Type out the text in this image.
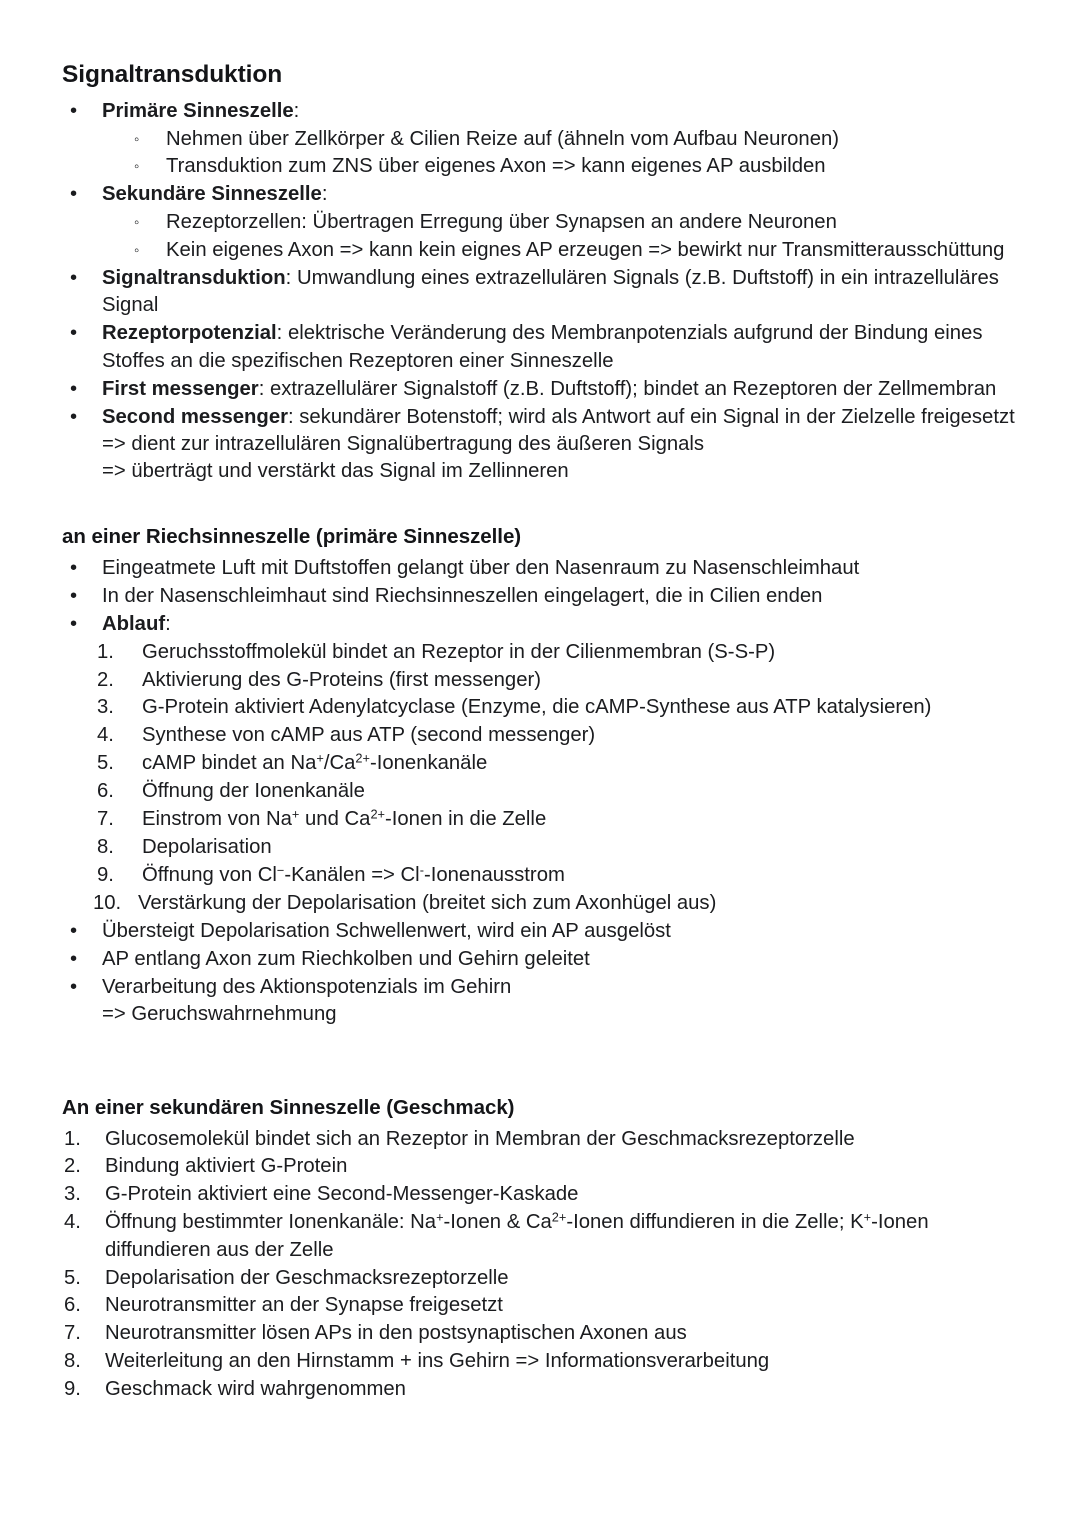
Signaltransduktion
•	Primäre Sinneszelle:
◦	Nehmen über Zellkörper & Cilien Reize auf (ähneln vom Aufbau Neuronen)
◦	Transduktion zum ZNS über eigenes Axon => kann eigenes AP ausbilden
•	Sekundäre Sinneszelle:
◦	Rezeptorzellen: Übertragen Erregung über Synapsen an andere Neuronen
◦	Kein eigenes Axon => kann kein eignes AP erzeugen => bewirkt nur Transmitterausschüttung
•	Signaltransduktion: Umwandlung eines extrazellulären Signals (z.B. Duftstoff) in ein intrazelluläres Signal
•	Rezeptorpotenzial: elektrische Veränderung des Membranpotenzials aufgrund der Bindung eines Stoffes an die spezifischen Rezeptoren einer Sinneszelle
•	First messenger: extrazellulärer Signalstoff (z.B. Duftstoff); bindet an Rezeptoren der Zellmembran
•	Second messenger: sekundärer Botenstoff; wird als Antwort auf ein Signal in der Zielzelle freigesetzt
=> dient zur intrazellulären Signalübertragung des äußeren Signals
=> überträgt und verstärkt das Signal im Zellinneren
an einer Riechsinneszelle (primäre Sinneszelle)
•	Eingeatmete Luft mit Duftstoffen gelangt über den Nasenraum zu Nasenschleimhaut
•	In der Nasenschleimhaut sind Riechsinneszellen eingelagert, die in Cilien enden
•	Ablauf:
1.	Geruchsstoffmolekül bindet an Rezeptor in der Cilienmembran (S-S-P)
2.	Aktivierung des G-Proteins (first messenger)
3.	G-Protein aktiviert Adenylatcyclase (Enzyme, die cAMP-Synthese aus ATP katalysieren)
4.	Synthese von cAMP aus ATP (second messenger)
5.	cAMP bindet an $Na^+/Ca^{2+}$-Ionenkanäle
6.	Öffnung der Ionenkanäle
7.	Einstrom von Na+ und $Ca^{2+}$-Ionen in die Zelle
8.	Depolarisation
9.	Öffnung von Cl−-Kanälen => Cl--Ionenausstrom
10. Verstärkung der Depolarisation (breitet sich zum Axonhügel aus)
•	Übersteigt Depolarisation Schwellenwert, wird ein AP ausgelöst
•	AP entlang Axon zum Riechkolben und Gehirn geleitet
•	Verarbeitung des Aktionspotenzials im Gehirn
=> Geruchswahrnehmung
An einer sekundären Sinneszelle (Geschmack)
1.	Glucosemolekül bindet sich an Rezeptor in Membran der Geschmacksrezeptorzelle
2.	Bindung aktiviert G-Protein
3.	G-Protein aktiviert eine Second-Messenger-Kaskade
4.	Öffnung bestimmter Ionenkanäle: Na+-Ionen & $Ca^{2+}$-Ionen diffundieren in die Zelle; K+-Ionen diffundieren aus der Zelle
5.	Depolarisation der Geschmacksrezeptorzelle
6.	Neurotransmitter an der Synapse freigesetzt
7.	Neurotransmitter lösen APs in den postsynaptischen Axonen aus
8.	Weiterleitung an den Hirnstamm + ins Gehirn => Informationsverarbeitung
9.	Geschmack wird wahrgenommen
